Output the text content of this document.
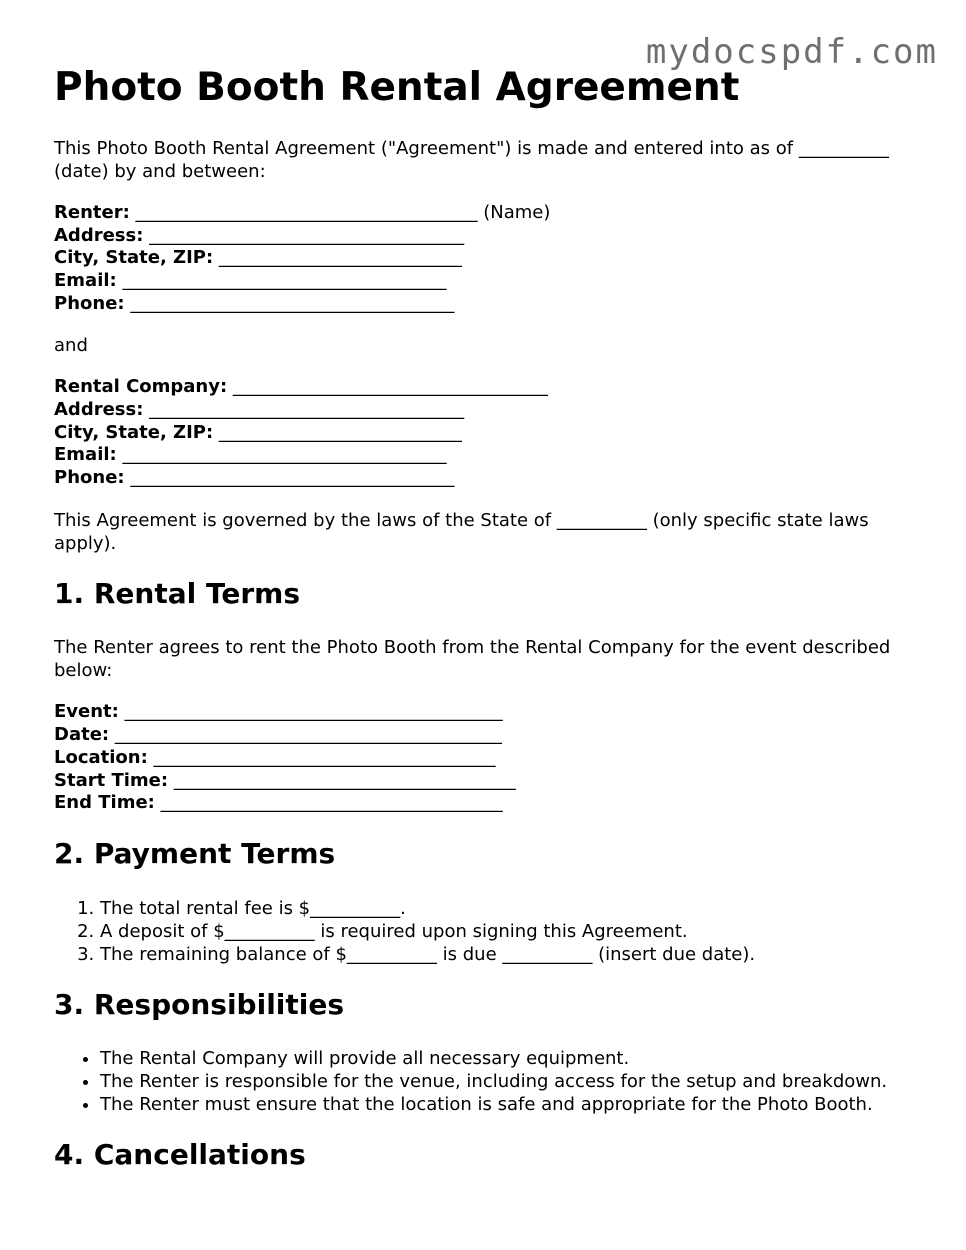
mydocspdf.com
Photo Booth Rental Agreement

This Photo Booth Rental Agreement ("Agreement") is made and entered into as of __________ (date) by and between:

Renter: ______________________________________ (Name)
Address: ___________________________________
City, State, ZIP: ___________________________
Email: ____________________________________
Phone: ____________________________________

and

Rental Company: ___________________________________
Address: ___________________________________
City, State, ZIP: ___________________________
Email: ____________________________________
Phone: ____________________________________

This Agreement is governed by the laws of the State of __________ (only specific state laws apply).

1. Rental Terms

The Renter agrees to rent the Photo Booth from the Rental Company for the event described below:

Event: __________________________________________
Date: ___________________________________________
Location: ______________________________________
Start Time: ______________________________________
End Time: ______________________________________
2. Payment Terms
1. The total rental fee is $__________.
2. A deposit of $__________ is required upon signing this Agreement.
3. The remaining balance of $__________ is due __________ (insert due date).
3. Responsibilities
• The Rental Company will provide all necessary equipment.
• The Renter is responsible for the venue, including access for the setup and breakdown.
• The Renter must ensure that the location is safe and appropriate for the Photo Booth.
4. Cancellations
